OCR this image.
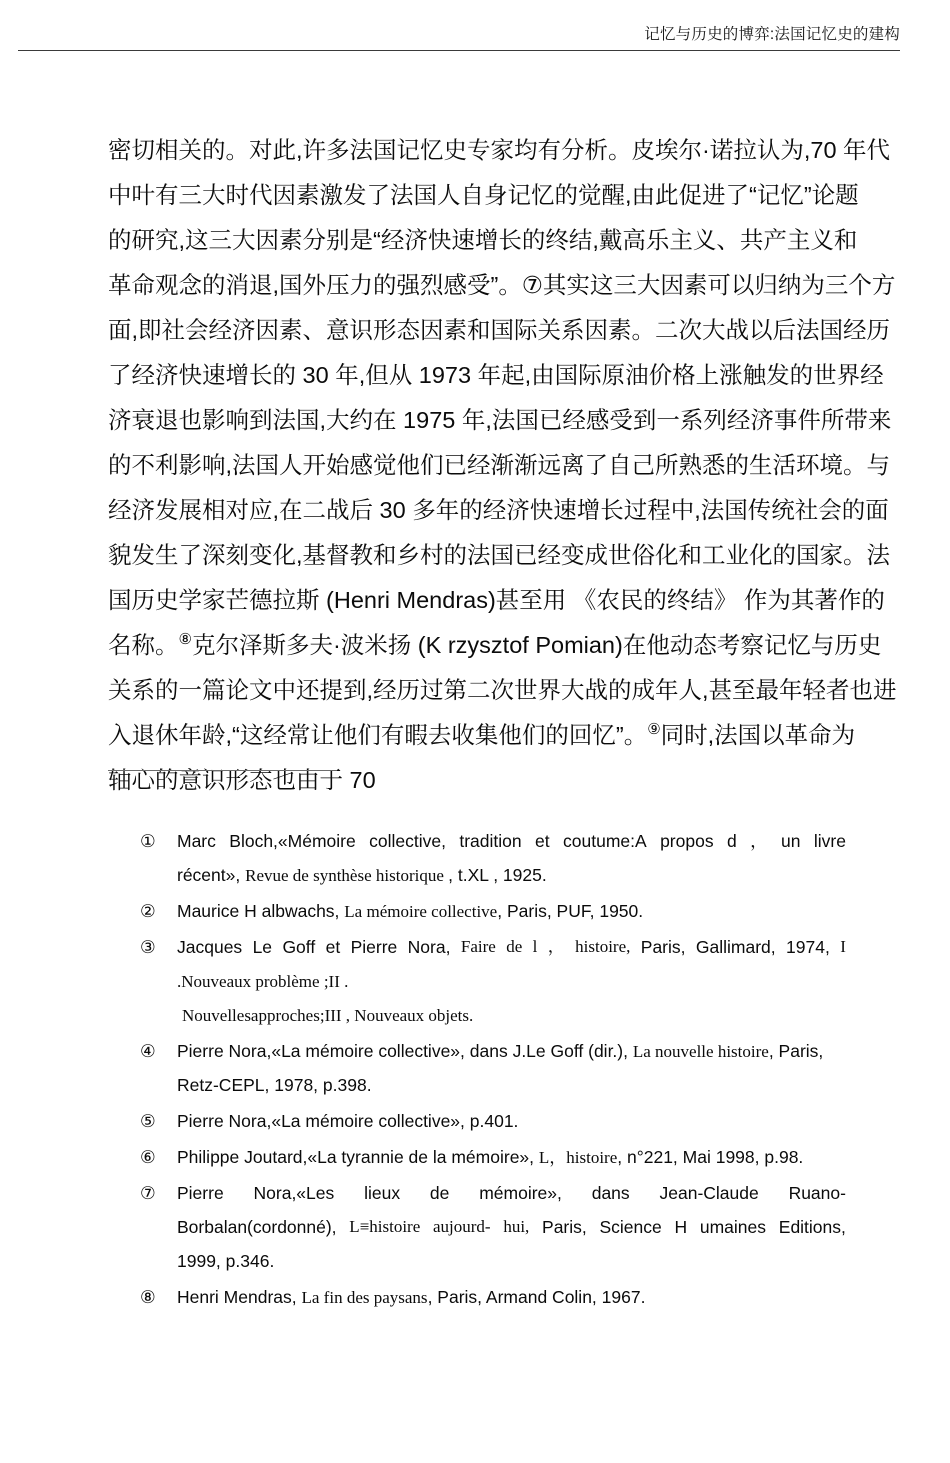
记忆与历史的博弈:法国记忆史的建构
密切相关的。对此, 许多法国记忆史专家均有分析。皮埃尔·诺拉认为, 70 年代
中叶有三大时代因素激发了法国人自身记忆的觉醒, 由此促进了 “记忆” 论题
的研究, 这三大因素分别是 “经济快速增长的终结, 戴高乐主义、共产主义和
革命观念的消退, 国外压力的强烈感受” 。⑦其实这三大因素可以归纳为三个方
面, 即社会经济因素、意识形态因素和国际关系因素。二次大战以后法国经历
了经济快速增长的 30 年, 但从 1973 年起, 由国际原油价格上涨触发的世界经
济衰退也影响到法国, 大约在 1975 年, 法国已经感受到一系列经济事件所带来
的不利影响, 法国人开始感觉他们已经渐渐远离了自己所熟悉的生活环境。与
经济发展相对应, 在二战后 30 多年的经济快速增长过程中, 法国传统社会的面
貌发生了深刻变化, 基督教和乡村的法国已经变成世俗化和工业化的国家。法
国历史学家芒德拉斯 (Henri Mendras)甚至用 《农民的终结》 作为其著作的
名称。⑧克尔泽斯多夫·波米扬 (K rzysztof Pomian)在他动态考察记忆与历史
关系的一篇论文中还提到, 经历过第二次世界大战的成年人, 甚至最年轻者也进
入退休年龄,“这经常让他们有暇去收集他们的回忆”。⑨同时,法国以革命为
轴心的意识形态也由于 70
①	Marc Bloch,«Mémoire collective, tradition et coutume:A propos d ， un livre
récent», Revue de synthèse historique , t.XL , 1925.
②	Maurice H albwachs, La mémoire collective, Paris, PUF, 1950.
③	Jacques Le Goff et Pierre Nora, Faire de l ， histoire, Paris, Gallimard, 1974, I
.Nouveaux problème ;II .
Nouvellesapproches;III , Nouveaux objets.
④	Pierre Nora,«La mémoire collective», dans J.Le Goff (dir.), La nouvelle histoire, Paris,
Retz-CEPL, 1978, p.398.
⑤	Pierre Nora,«La mémoire collective», p.401.
⑥	Philippe Joutard,«La tyrannie de la mémoire», L，histoire, n°221, Mai 1998, p.98.
⑦	Pierre Nora,«Les lieux de mémoire», dans Jean-Claude Ruano-
Borbalan(cordonné), L≡histoire aujourd- hui, Paris, Science H umaines Editions,
1999, p.346.
⑧	Henri Mendras, La fin des paysans, Paris, Armand Colin, 1967.
